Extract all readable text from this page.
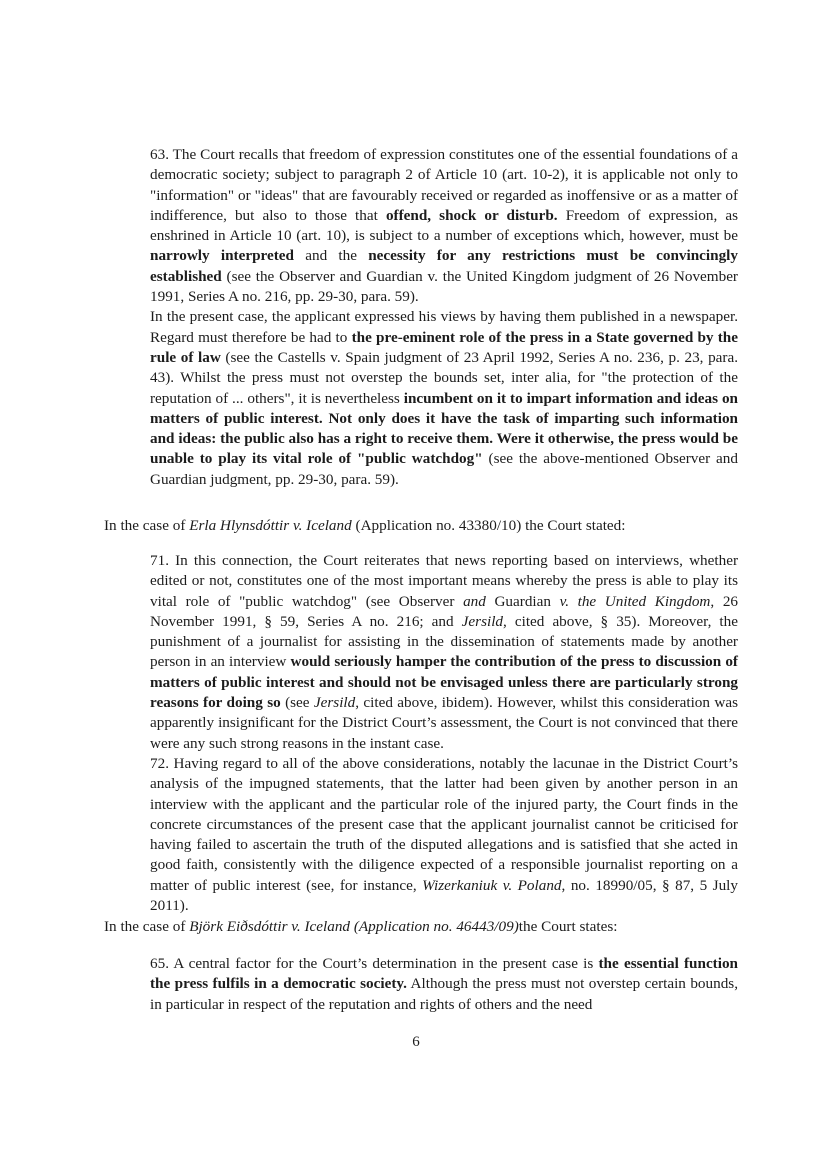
63. The Court recalls that freedom of expression constitutes one of the essential foundations of a democratic society; subject to paragraph 2 of Article 10 (art. 10-2), it is applicable not only to "information" or "ideas" that are favourably received or regarded as inoffensive or as a matter of indifference, but also to those that offend, shock or disturb. Freedom of expression, as enshrined in Article 10 (art. 10), is subject to a number of exceptions which, however, must be narrowly interpreted and the necessity for any restrictions must be convincingly established (see the Observer and Guardian v. the United Kingdom judgment of 26 November 1991, Series A no. 216, pp. 29-30, para. 59).

In the present case, the applicant expressed his views by having them published in a newspaper. Regard must therefore be had to the pre-eminent role of the press in a State governed by the rule of law (see the Castells v. Spain judgment of 23 April 1992, Series A no. 236, p. 23, para. 43). Whilst the press must not overstep the bounds set, inter alia, for "the protection of the reputation of ... others", it is nevertheless incumbent on it to impart information and ideas on matters of public interest. Not only does it have the task of imparting such information and ideas: the public also has a right to receive them. Were it otherwise, the press would be unable to play its vital role of "public watchdog" (see the above-mentioned Observer and Guardian judgment, pp. 29-30, para. 59).

In the case of Erla Hlynsdóttir v. Iceland (Application no. 43380/10) the Court stated:

71. In this connection, the Court reiterates that news reporting based on interviews, whether edited or not, constitutes one of the most important means whereby the press is able to play its vital role of "public watchdog" (see Observer and Guardian v. the United Kingdom, 26 November 1991, § 59, Series A no. 216; and Jersild, cited above, § 35). Moreover, the punishment of a journalist for assisting in the dissemination of statements made by another person in an interview would seriously hamper the contribution of the press to discussion of matters of public interest and should not be envisaged unless there are particularly strong reasons for doing so (see Jersild, cited above, ibidem). However, whilst this consideration was apparently insignificant for the District Court’s assessment, the Court is not convinced that there were any such strong reasons in the instant case.

72. Having regard to all of the above considerations, notably the lacunae in the District Court’s analysis of the impugned statements, that the latter had been given by another person in an interview with the applicant and the particular role of the injured party, the Court finds in the concrete circumstances of the present case that the applicant journalist cannot be criticised for having failed to ascertain the truth of the disputed allegations and is satisfied that she acted in good faith, consistently with the diligence expected of a responsible journalist reporting on a matter of public interest (see, for instance, Wizerkaniuk v. Poland, no. 18990/05, § 87, 5 July 2011).

In the case of Björk Eiðsdóttir v. Iceland (Application no. 46443/09)the Court states:

65. A central factor for the Court’s determination in the present case is the essential function the press fulfils in a democratic society. Although the press must not overstep certain bounds, in particular in respect of the reputation and rights of others and the need

6
